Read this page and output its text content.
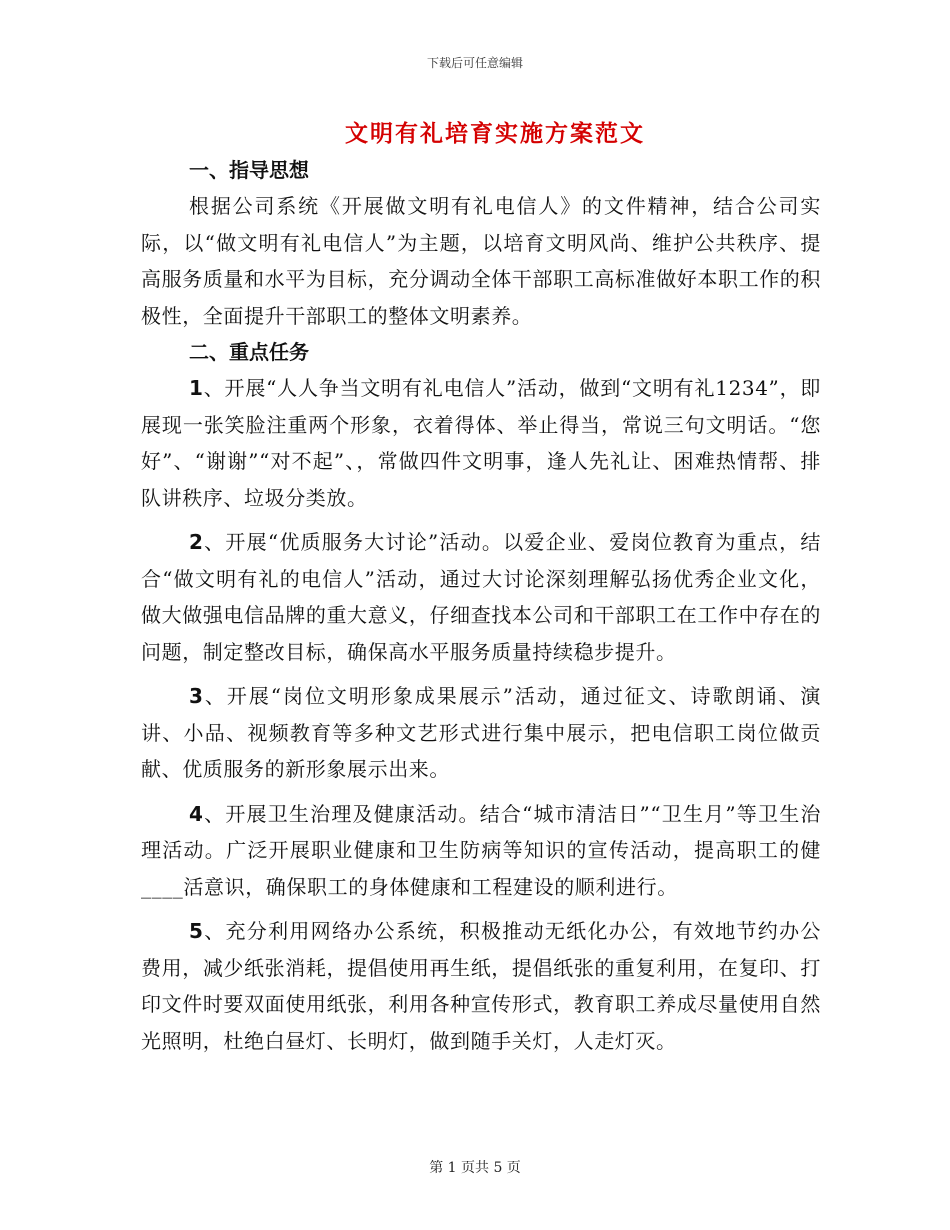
下载后可任意编辑
文明有礼培育实施方案范文

一、指导思想

根据公司系统《开展做文明有礼电信人》的文件精神，结合公司实际，以“做文明有礼电信人”为主题，以培育文明风尚、维护公共秩序、提高服务质量和水平为目标，充分调动全体干部职工高标准做好本职工作的积极性，全面提升干部职工的整体文明素养。

二、重点任务

1、开展“人人争当文明有礼电信人”活动，做到“文明有礼1234”，即展现一张笑脸注重两个形象，衣着得体、举止得当，常说三句文明话。“您好”、“谢谢”“对不起”、，常做四件文明事，逢人先礼让、困难热情帮、排队讲秩序、垃圾分类放。

2、开展“优质服务大讨论”活动。以爱企业、爱岗位教育为重点，结合“做文明有礼的电信人”活动，通过大讨论深刻理解弘扬优秀企业文化，做大做强电信品牌的重大意义，仔细查找本公司和干部职工在工作中存在的问题，制定整改目标，确保高水平服务质量持续稳步提升。

3、开展“岗位文明形象成果展示”活动，通过征文、诗歌朗诵、演讲、小品、视频教育等多种文艺形式进行集中展示，把电信职工岗位做贡献、优质服务的新形象展示出来。

4、开展卫生治理及健康活动。结合“城市清洁日”“卫生月”等卫生治理活动。广泛开展职业健康和卫生防病等知识的宣传活动，提高职工的健____活意识，确保职工的身体健康和工程建设的顺利进行。

5、充分利用网络办公系统，积极推动无纸化办公，有效地节约办公费用，减少纸张消耗，提倡使用再生纸，提倡纸张的重复利用，在复印、打印文件时要双面使用纸张，利用各种宣传形式，教育职工养成尽量使用自然光照明，杜绝白昼灯、长明灯，做到随手关灯，人走灯灭。

第 1 页共 5 页
